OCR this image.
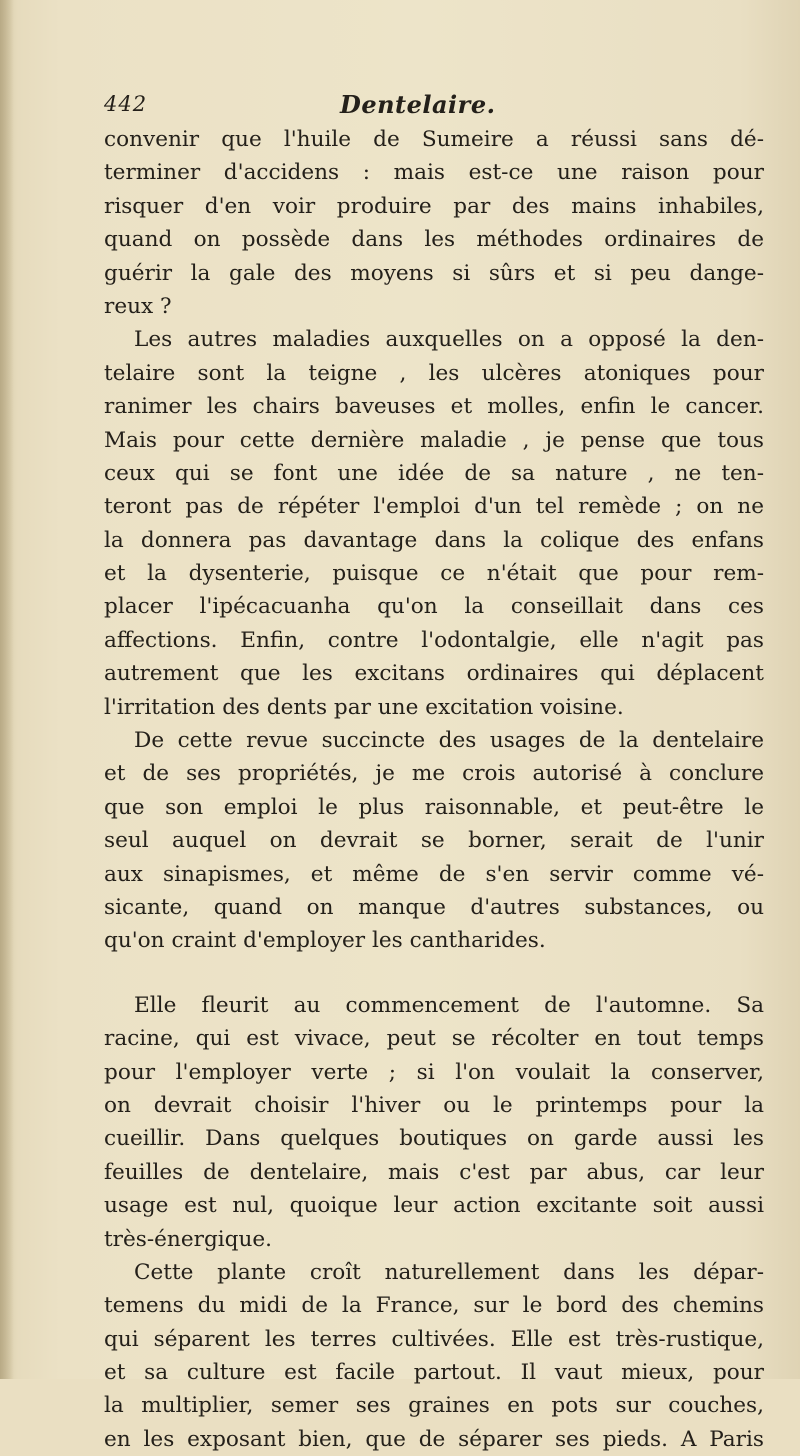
442	Dentelaire.
convenir que l'huile de Sumeire a réussi sans dé-
terminer d'accidens : mais est-ce une raison pour
risquer d'en voir produire par des mains inhabiles,
quand on possède dans les méthodes ordinaires de
guérir la gale des moyens si sûrs et si peu dange-
reux ?
Les autres maladies auxquelles on a opposé la den-
telaire sont la teigne , les ulcères atoniques pour
ranimer les chairs baveuses et molles, enfin le cancer.
Mais pour cette dernière maladie , je pense que tous
ceux qui se font une idée de sa nature , ne ten-
teront pas de répéter l'emploi d'un tel remède ; on ne
la donnera pas davantage dans la colique des enfans
et la dysenterie, puisque ce n'était que pour rem-
placer l'ipécacuanha qu'on la conseillait dans ces
affections. Enfin, contre l'odontalgie, elle n'agit pas
autrement que les excitans ordinaires qui déplacent
l'irritation des dents par une excitation voisine.
De cette revue succincte des usages de la dentelaire
et de ses propriétés, je me crois autorisé à conclure
que son emploi le plus raisonnable, et peut-être le
seul auquel on devrait se borner, serait de l'unir
aux sinapismes, et même de s'en servir comme vé-
sicante, quand on manque d'autres substances, ou
qu'on craint d'employer les cantharides.
Elle fleurit au commencement de l'automne. Sa
racine, qui est vivace, peut se récolter en tout temps
pour l'employer verte ; si l'on voulait la conserver,
on devrait choisir l'hiver ou le printemps pour la
cueillir. Dans quelques boutiques on garde aussi les
feuilles de dentelaire, mais c'est par abus, car leur
usage est nul, quoique leur action excitante soit aussi
très-énergique.
Cette plante croît naturellement dans les dépar-
temens du midi de la France, sur le bord des chemins
qui séparent les terres cultivées. Elle est très-rustique,
et sa culture est facile partout. Il vaut mieux, pour
la multiplier, semer ses graines en pots sur couches,
en les exposant bien, que de séparer ses pieds. A Paris
